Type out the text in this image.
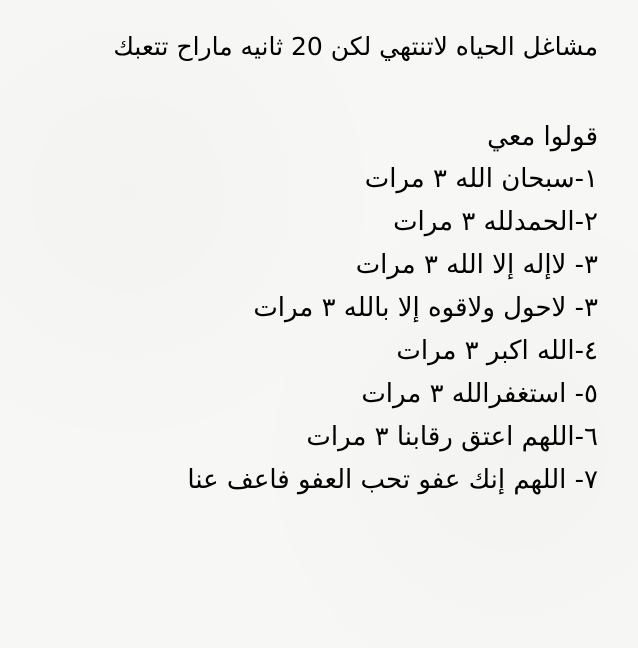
مشاغل الحياه لاتنتهي لكن 20 ثانيه ماراح تتعبك
قولوا معي
١-سبحان الله ٣ مرات
٢-الحمدلله ٣ مرات
٣- لاإله إلا الله ٣ مرات
٣- لاحول ولاقوه إلا بالله ٣ مرات
٤-الله اكبر ٣ مرات
٥- استغفرالله ٣ مرات
٦-اللهم اعتق رقابنا ٣ مرات
٧- اللهم إنك عفو تحب العفو فاعف عنا
